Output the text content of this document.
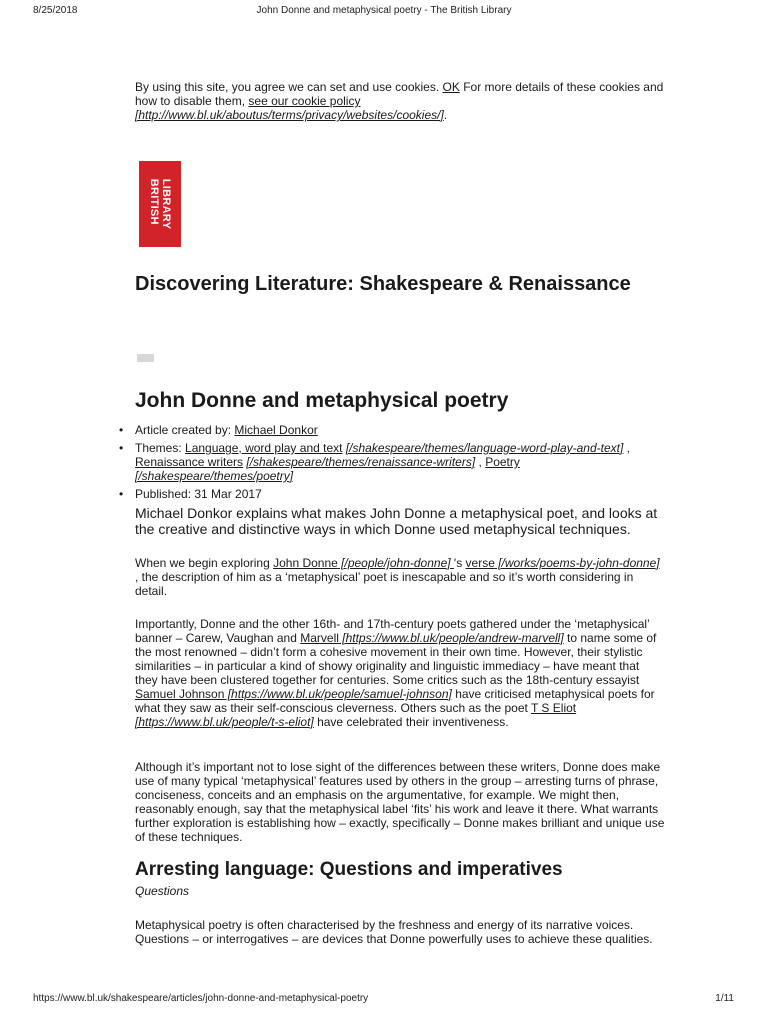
8/25/2018	John Donne and metaphysical poetry - The British Library

By using this site, you agree we can set and use cookies. OK For more details of these cookies and how to disable them, see our cookie policy
[http://www.bl.uk/aboutus/terms/privacy/websites/cookies/].

LIBRARY
BRITISH
Discovering Literature: Shakespeare & Renaissance
John Donne and metaphysical poetry
• Article created by: Michael Donkor
• Themes: Language, word play and text [/shakespeare/themes/language-word-play-and-text] , Renaissance writers [/shakespeare/themes/renaissance-writers] , Poetry [/shakespeare/themes/poetry]
• Published: 31 Mar 2017

Michael Donkor explains what makes John Donne a metaphysical poet, and looks at the creative and distinctive ways in which Donne used metaphysical techniques.

When we begin exploring John Donne [/people/john-donne] 's verse [/works/poems-by-john-donne] , the description of him as a ‘metaphysical’ poet is inescapable and so it’s worth considering in detail.

Importantly, Donne and the other 16th- and 17th-century poets gathered under the ‘metaphysical’ banner – Carew, Vaughan and Marvell [https://www.bl.uk/people/andrew-marvell] to name some of the most renowned – didn’t form a cohesive movement in their own time. However, their stylistic similarities – in particular a kind of showy originality and linguistic immediacy – have meant that they have been clustered together for centuries. Some critics such as the 18th-century essayist Samuel Johnson [https://www.bl.uk/people/samuel-johnson] have criticised metaphysical poets for what they saw as their self-conscious cleverness. Others such as the poet T S Eliot [https://www.bl.uk/people/t-s-eliot] have celebrated their inventiveness.

Although it’s important not to lose sight of the differences between these writers, Donne does make use of many typical ‘metaphysical’ features used by others in the group – arresting turns of phrase, conciseness, conceits and an emphasis on the argumentative, for example. We might then, reasonably enough, say that the metaphysical label ‘fits’ his work and leave it there. What warrants further exploration is establishing how – exactly, specifically – Donne makes brilliant and unique use of these techniques.

Arresting language: Questions and imperatives

Questions

Metaphysical poetry is often characterised by the freshness and energy of its narrative voices. Questions – or interrogatives – are devices that Donne powerfully uses to achieve these qualities.

https://www.bl.uk/shakespeare/articles/john-donne-and-metaphysical-poetry	1/11
